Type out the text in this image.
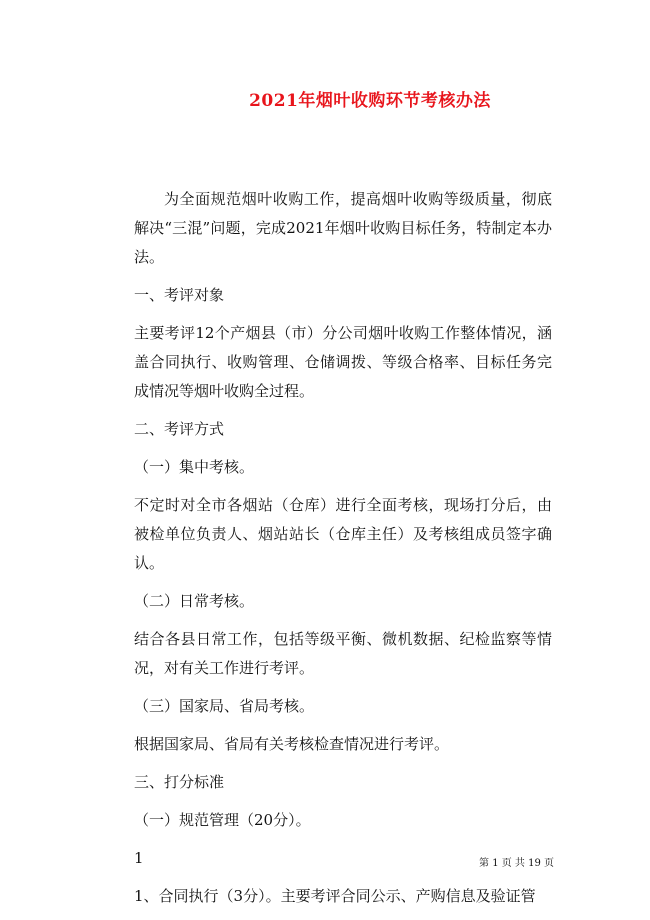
2021年烟叶收购环节考核办法

为全面规范烟叶收购工作，提高烟叶收购等级质量，彻底解决“三混”问题，完成2021年烟叶收购目标任务，特制定本办法。

一、考评对象

主要考评12个产烟县（市）分公司烟叶收购工作整体情况，涵盖合同执行、收购管理、仓储调拨、等级合格率、目标任务完成情况等烟叶收购全过程。

二、考评方式

（一）集中考核。

不定时对全市各烟站（仓库）进行全面考核，现场打分后，由被检单位负责人、烟站站长（仓库主任）及考核组成员签字确认。

（二）日常考核。

结合各县日常工作，包括等级平衡、微机数据、纪检监察等情况，对有关工作进行考评。

（三）国家局、省局考核。

根据国家局、省局有关考核检查情况进行考评。

三、打分标准

（一）规范管理（20分）。

1

1、合同执行（3分）。主要考评合同公示、产购信息及验证管

第 1 页 共 19 页
